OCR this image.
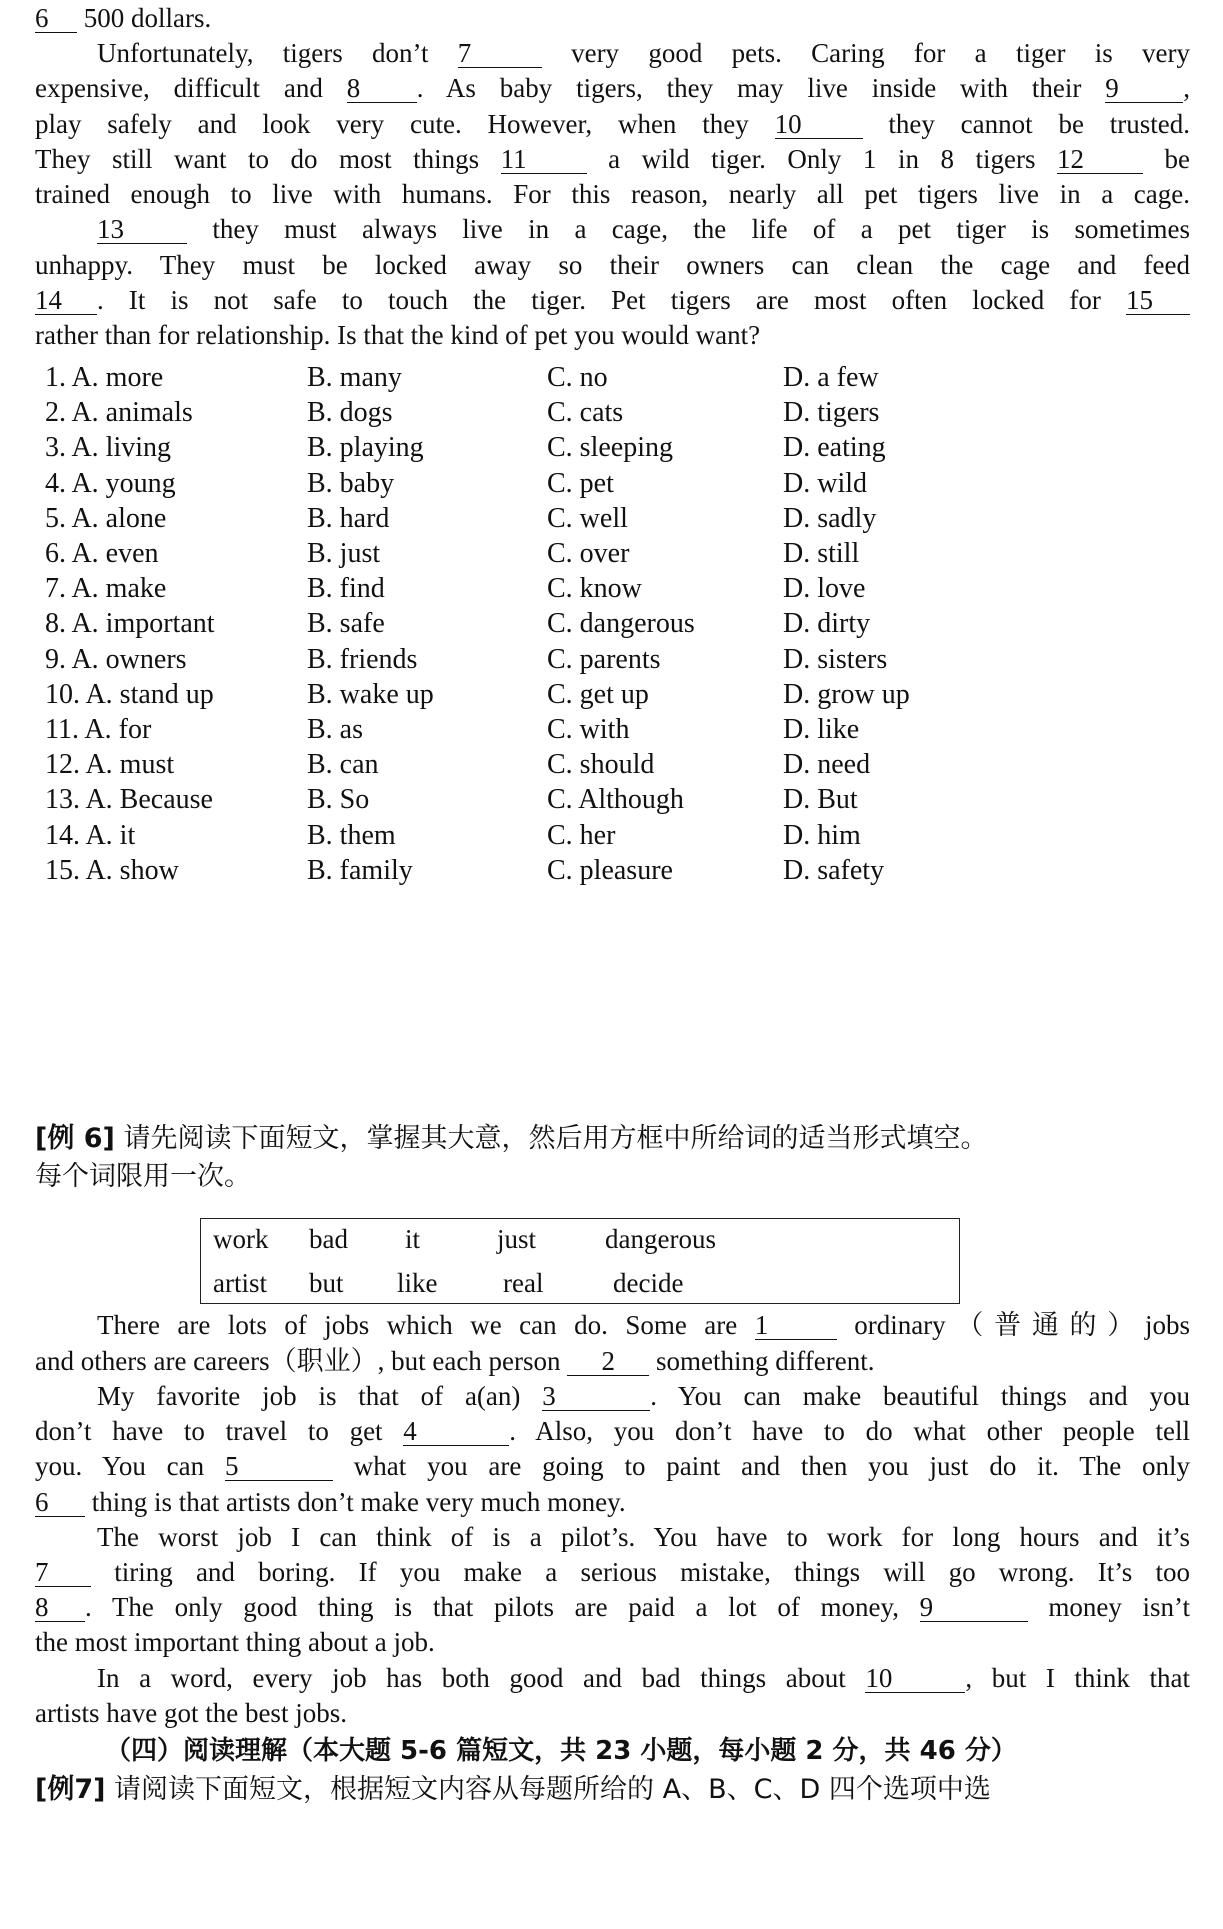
6 500 dollars.
Unfortunately, tigers don’t 7	very good pets. Caring for a tiger is very
expensive, difficult and 8 . As baby tigers, they may live inside with their 9 ,
play safely and look very cute. However, when they 10 they cannot be trusted.
They still want to do most things 11 a wild tiger. Only 1 in 8 tigers 12 be
trained enough to live with humans. For this reason, nearly all pet tigers live in a cage.
13 they must always live in a cage, the life of a pet tiger is sometimes
unhappy. They must be locked away so their owners can clean the cage and feed
14 . It is not safe to touch the tiger. Pet tigers are most often locked for 15
rather than for relationship. Is that the kind of pet you would want?
1. A. more	B. many	C. no	D. a few
2. A. animals	B. dogs	C. cats	D. tigers
3. A. living	B. playing	C. sleeping	D. eating
4. A. young	B. baby	C. pet	D. wild
5. A. alone	B. hard	C. well	D. sadly
6. A. even	B. just	C. over	D. still
7. A. make	B. find	C. know	D. love
8. A. important	B. safe	C. dangerous	D. dirty
9. A. owners	B. friends	C. parents	D. sisters
10. A. stand up	B. wake up	C. get up	D. grow up
11. A. for	B. as	C. with	D. like
12. A. must	B. can	C. should	D. need
13. A. Because	B. So	C. Although	D. But
14. A. it	B. them	C. her	D. him
15. A. show	B. family	C. pleasure	D. safety
[例 6] 请先阅读下面短文，掌握其大意，然后用方框中所给词的适当形式填空。
每个词限用一次。
There are lots of jobs which we can do. Some are 1	ordinary（普通的）jobs
and others are careers（职业）, but each person 2 something different.
My favorite job is that of a(an) 3	. You can make beautiful things and you
don’t have to travel to get 4	. Also, you don’t have to do what other people tell
you. You can 5	what you are going to paint and then you just do it. The only
6 thing is that artists don’t make very much money.
The worst job I can think of is a pilot’s. You have to work for long hours and it’s
7 tiring and boring. If you make a serious mistake, things will go wrong. It’s too
8 . The only good thing is that pilots are paid a lot of money, 9	money isn’t
the most important thing about a job.
In a word, every job has both good and bad things about 10	, but I think that
artists have got the best jobs.
（四）阅读理解（本大题 5-6 篇短文，共 23 小题，每小题 2 分，共 46 分）
[例7] 请阅读下面短文，根据短文内容从每题所给的 A、B、C、D 四个选项中选
work bad it	just	dangerous
artist but like real	decide
